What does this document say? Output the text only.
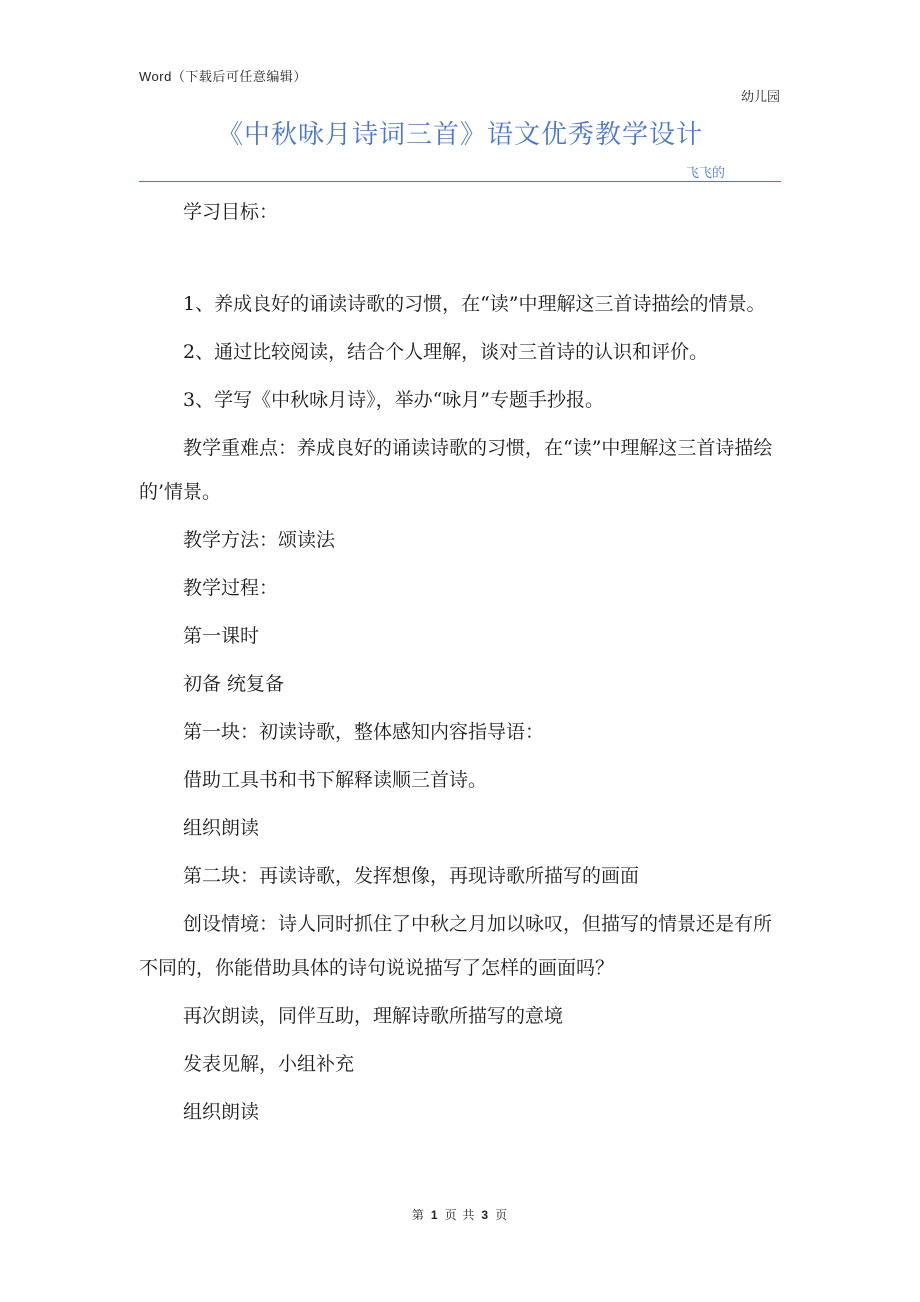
Word（下载后可任意编辑）
幼儿园
《中秋咏月诗词三首》语文优秀教学设计
飞飞的

学习目标：

1、养成良好的诵读诗歌的习惯，在“读”中理解这三首诗描绘的情景。

2、通过比较阅读，结合个人理解，谈对三首诗的认识和评价。

3、学写《中秋咏月诗》，举办“咏月”专题手抄报。

教学重难点：养成良好的诵读诗歌的习惯，在“读”中理解这三首诗描绘的’情景。

教学方法：颂读法

教学过程：

第一课时

初备 统复备

第一块：初读诗歌，整体感知内容指导语：

借助工具书和书下解释读顺三首诗。

组织朗读

第二块：再读诗歌，发挥想像，再现诗歌所描写的画面

创设情境：诗人同时抓住了中秋之月加以咏叹，但描写的情景还是有所不同的，你能借助具体的诗句说说描写了怎样的画面吗？

再次朗读，同伴互助，理解诗歌所描写的意境

发表见解，小组补充

组织朗读

第 1 页 共 3 页
